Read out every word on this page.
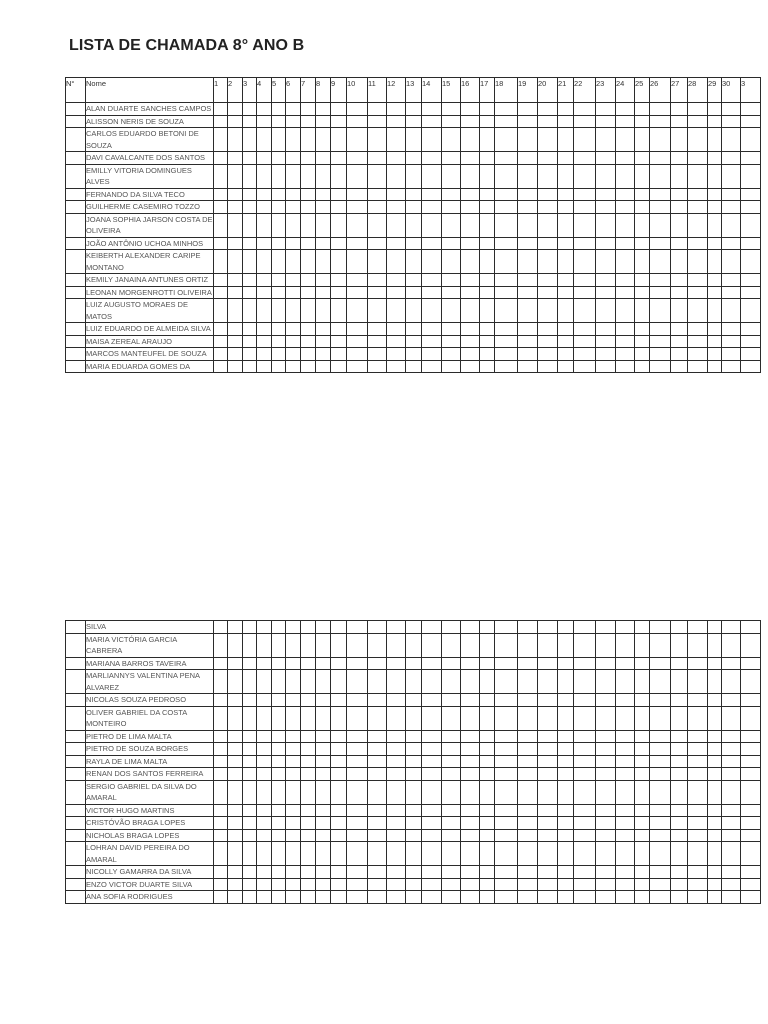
LISTA DE CHAMADA 8° ANO B
N°	Nome	1	2	3	4	5	6	7	8	9	10	11	12	13	14	15	16	17	18	19	20	21	22	23	24	25	26	27	28	29	30	3
	ALAN DUARTE SANCHES CAMPOS																															
	ALISSON NERIS DE SOUZA																															
	CARLOS EDUARDO BETONI DE SOUZA																															
	DAVI CAVALCANTE DOS SANTOS																															
	EMILLY VITORIA DOMINGUES ALVES																															
	FERNANDO DA SILVA TECO																															
	GUILHERME CASEMIRO TOZZO																															
	JOANA SOPHIA JARSON COSTA DE OLIVEIRA																															
	JOÃO ANTÔNIO UCHOA MINHOS																															
	KEIBERTH ALEXANDER CARIPE MONTANO																															
	KEMILY JANAINA ANTUNES ORTIZ																															
	LEONAN MORGENROTTI OLIVEIRA																															
	LUIZ AUGUSTO MORAES DE MATOS																															
	LUIZ EDUARDO DE ALMEIDA SILVA																															
	MAISA ZEREAL ARAUJO																															
	MARCOS MANTEUFEL DE SOUZA																															
	MARIA EDUARDA GOMES DA																															
	SILVA																															
	MARIA VICTÓRIA GARCIA CABRERA																															
	MARIANA BARROS TAVEIRA																															
	MARLIANNYS VALENTINA PENA ALVAREZ																															
	NICOLAS SOUZA PEDROSO																															
	OLIVER GABRIEL DA COSTA MONTEIRO																															
	PIETRO DE LIMA MALTA																															
	PIETRO DE SOUZA BORGES																															
	RAYLA DE LIMA MALTA																															
	RENAN DOS SANTOS FERREIRA																															
	SERGIO GABRIEL DA SILVA DO AMARAL																															
	VICTOR HUGO MARTINS																															
	CRISTÓVÃO BRAGA LOPES																															
	NICHOLAS BRAGA LOPES																															
	LOHRAN DAVID PEREIRA DO AMARAL																															
	NICOLLY GAMARRA DA SILVA																															
	ENZO VICTOR DUARTE SILVA																															
	ANA SOFIA RODRIGUES																															
